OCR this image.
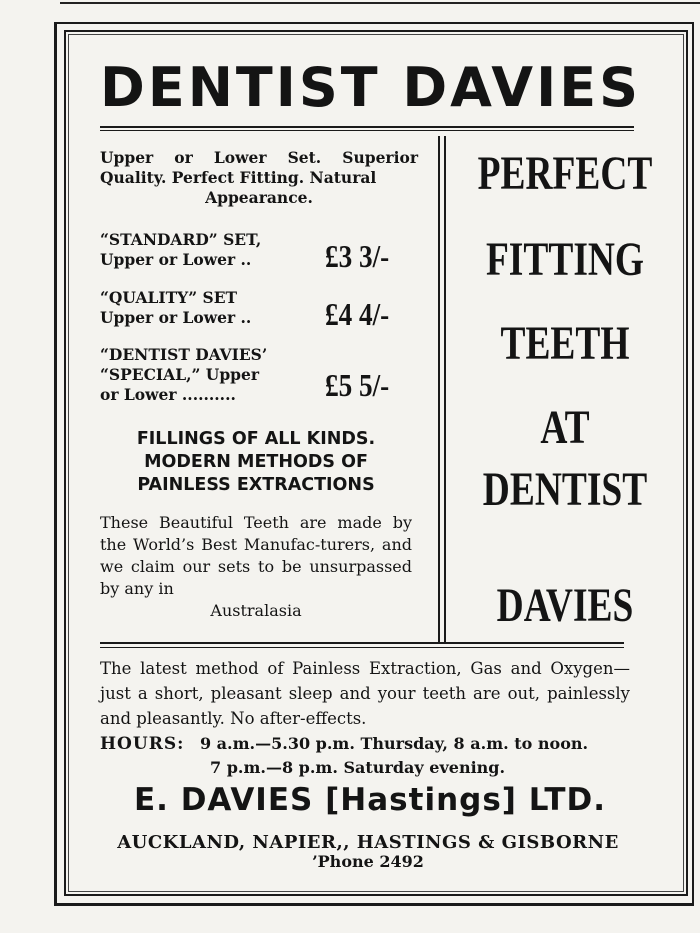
DENTIST DAVIES
Upper or Lower Set. Superior Quality. Perfect Fitting. Natural
Appearance.
“STANDARD” SET,
Upper or Lower ..	£3 3/-
“QUALITY” SET
Upper or Lower ..	£4 4/-
“DENTIST DAVIES’
“SPECIAL,” Upper
or Lower ..........	£5 5/-
FILLINGS OF ALL KINDS.
MODERN METHODS OF
PAINLESS EXTRACTIONS
These Beautiful Teeth are made by the World’s Best Manufac-turers, and we claim our sets to be unsurpassed by any in
Australasia
PERFECT
FITTING
TEETH
AT
DENTIST
DAVIES
The latest method of Painless Extraction, Gas and Oxygen—just a short, pleasant sleep and your teeth are out, painlessly and pleasantly. No after-effects.
HOURS: 9 a.m.—5.30 p.m. Thursday, 8 a.m. to noon.
7 p.m.—8 p.m. Saturday evening.
E. DAVIES [Hastings] LTD.
AUCKLAND, NAPIER,, HASTINGS & GISBORNE
’Phone 2492
